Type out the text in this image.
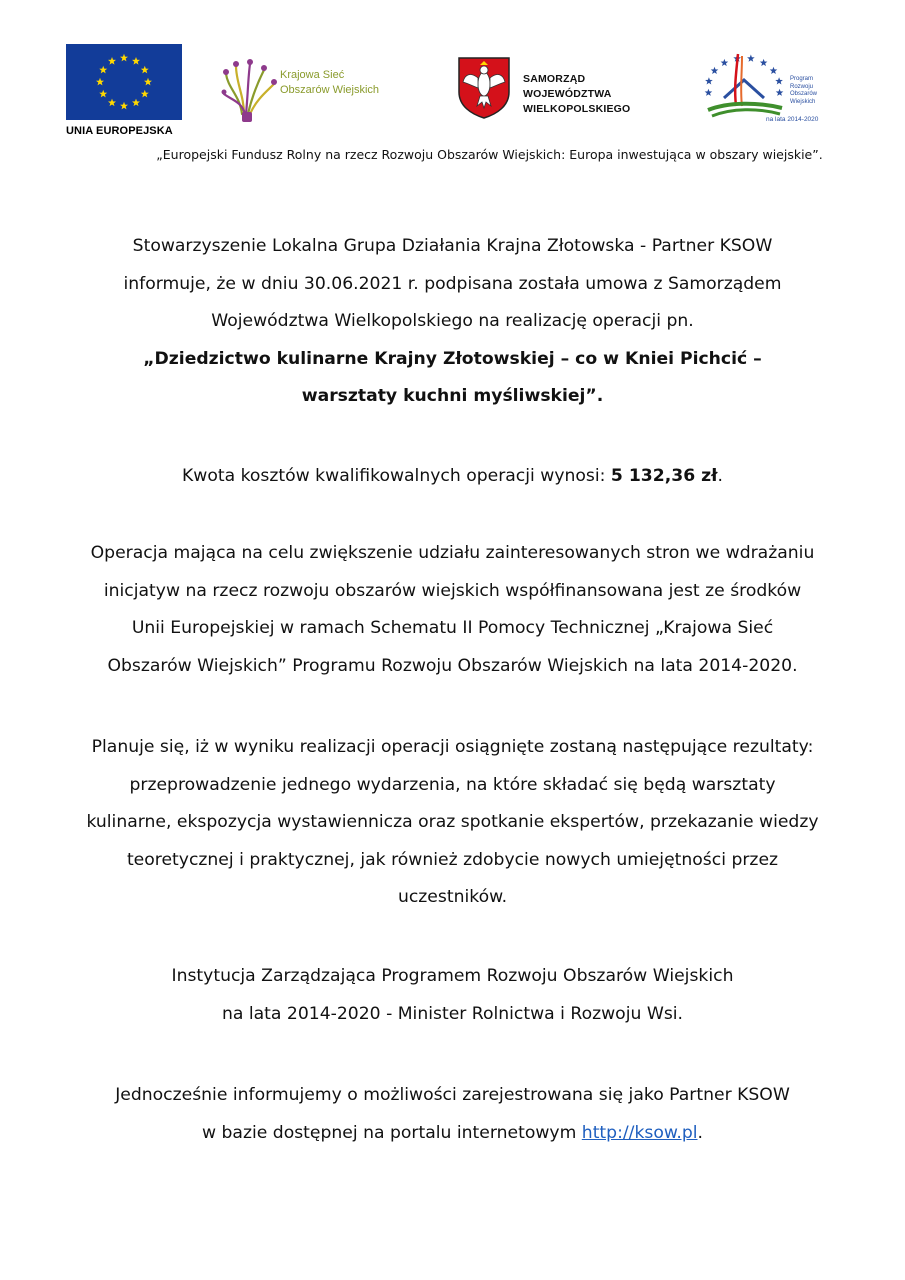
UNIA EUROPEJSKA
Krajowa Sieć
Obszarów Wiejskich
SAMORZĄD WOJEWÓDZTWA
WIELKOPOLSKIEGO
Program
Rozwoju
Obszarów
Wiejskich
na lata 2014-2020
„Europejski Fundusz Rolny na rzecz Rozwoju Obszarów Wiejskich: Europa inwestująca w obszary wiejskie”.

Stowarzyszenie Lokalna Grupa Działania Krajna Złotowska - Partner KSOW

informuje, że w dniu 30.06.2021 r. podpisana została umowa z Samorządem

Województwa Wielkopolskiego na realizację operacji pn.

„Dziedzictwo kulinarne Krajny Złotowskiej – co w Kniei Pichcić –

warsztaty kuchni myśliwskiej”.

Kwota kosztów kwalifikowalnych operacji wynosi: 5 132,36 zł.

Operacja mająca na celu zwiększenie udziału zainteresowanych stron we wdrażaniu

inicjatyw na rzecz rozwoju obszarów wiejskich współfinansowana jest ze środków

Unii Europejskiej w ramach Schematu II Pomocy Technicznej „Krajowa Sieć

Obszarów Wiejskich” Programu Rozwoju Obszarów Wiejskich na lata 2014-2020.

Planuje się, iż w wyniku realizacji operacji osiągnięte zostaną następujące rezultaty:

przeprowadzenie jednego wydarzenia, na które składać się będą warsztaty

kulinarne, ekspozycja wystawiennicza oraz spotkanie ekspertów, przekazanie wiedzy

teoretycznej i praktycznej, jak również zdobycie nowych umiejętności przez

uczestników.

Instytucja Zarządzająca Programem Rozwoju Obszarów Wiejskich

na lata 2014-2020 - Minister Rolnictwa i Rozwoju Wsi.

Jednocześnie informujemy o możliwości zarejestrowana się jako Partner KSOW

w bazie dostępnej na portalu internetowym http://ksow.pl.
